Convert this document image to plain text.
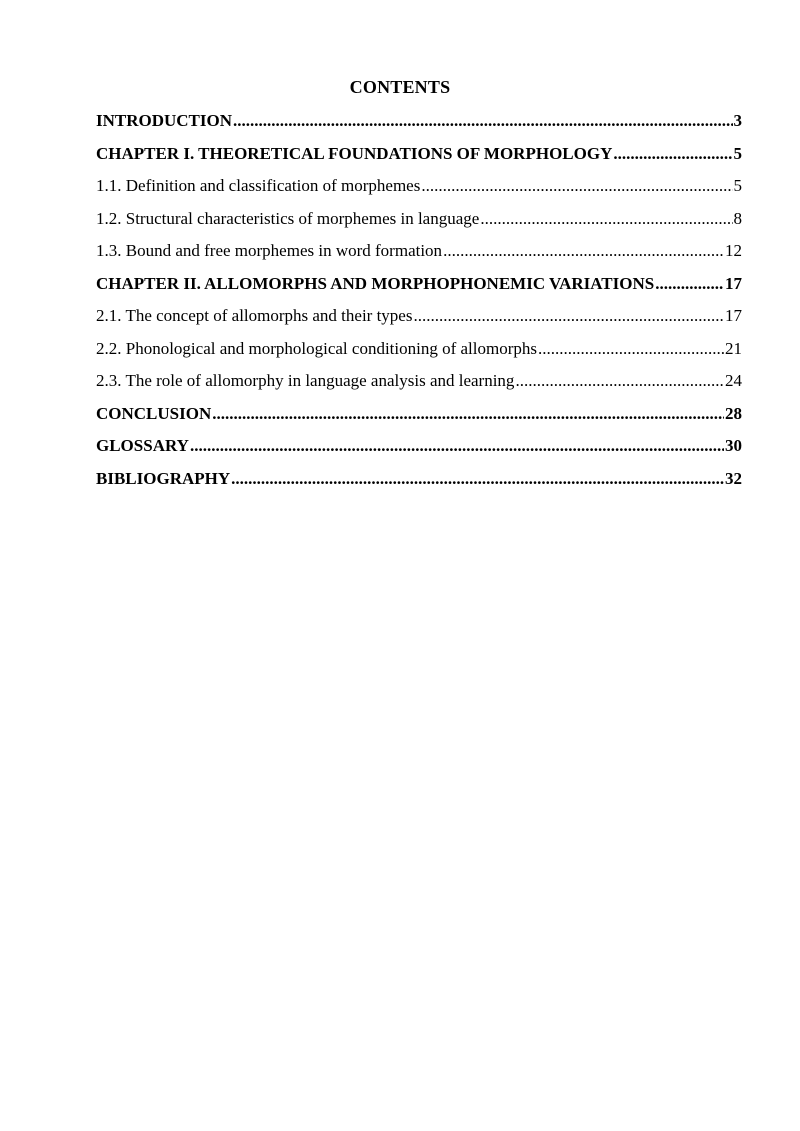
CONTENTS
INTRODUCTION .....	3
CHAPTER I. THEORETICAL FOUNDATIONS OF MORPHOLOGY .....	5
1.1. Definition and classification of morphemes .....	5
1.2. Structural characteristics of morphemes in language .....	8
1.3. Bound and free morphemes in word formation .....	12
CHAPTER II. ALLOMORPHS AND MORPHOPHONEMIC VARIATIONS .....	17
2.1. The concept of allomorphs and their types .....	17
2.2. Phonological and morphological conditioning of allomorphs .....	21
2.3. The role of allomorphy in language analysis and learning .....	24
CONCLUSION .....	28
GLOSSARY .....	30
BIBLIOGRAPHY .....	32
